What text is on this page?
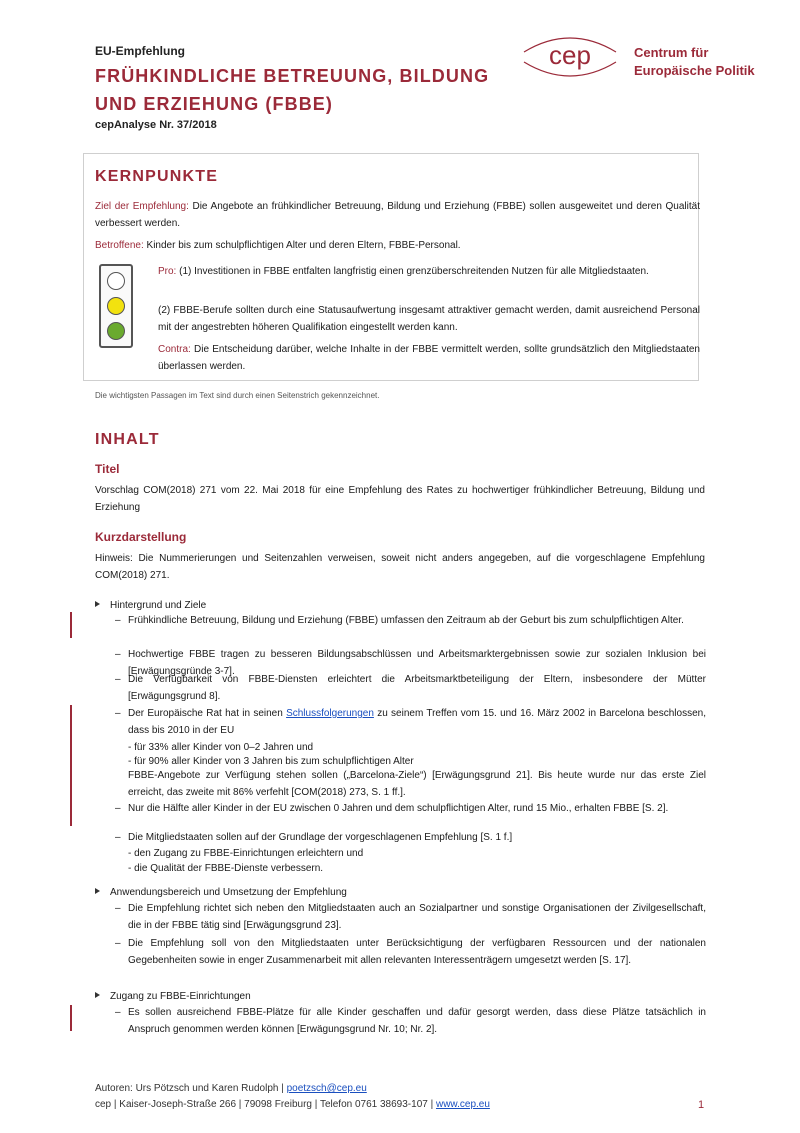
EU-Empfehlung
FRÜHKINDLICHE BETREUUNG, BILDUNG
UND ERZIEHUNG (FBBE)
cepAnalyse Nr. 37/2018
cep	Centrum für
Europäische Politik
KERNPUNKTE
Ziel der Empfehlung: Die Angebote an frühkindlicher Betreuung, Bildung und Erziehung (FBBE) sollen ausgeweitet und deren Qualität verbessert werden.
Betroffene: Kinder bis zum schulpflichtigen Alter und deren Eltern, FBBE-Personal.
Pro: (1) Investitionen in FBBE entfalten langfristig einen grenzüberschreitenden Nutzen für alle Mitgliedstaaten.
(2) FBBE-Berufe sollten durch eine Statusaufwertung insgesamt attraktiver gemacht werden, damit ausreichend Personal mit der angestrebten höheren Qualifikation eingestellt werden kann.
Contra: Die Entscheidung darüber, welche Inhalte in der FBBE vermittelt werden, sollte grundsätzlich den Mitgliedstaaten überlassen werden.
Die wichtigsten Passagen im Text sind durch einen Seitenstrich gekennzeichnet.
INHALT
Titel
Vorschlag COM(2018) 271 vom 22. Mai 2018 für eine Empfehlung des Rates zu hochwertiger frühkindlicher Betreuung, Bildung und Erziehung
Kurzdarstellung
Hinweis: Die Nummerierungen und Seitenzahlen verweisen, soweit nicht anders angegeben, auf die vorgeschlagene Empfehlung COM(2018) 271.
Hintergrund und Ziele
– Frühkindliche Betreuung, Bildung und Erziehung (FBBE) umfassen den Zeitraum ab der Geburt bis zum schulpflichtigen Alter.
– Hochwertige FBBE tragen zu besseren Bildungsabschlüssen und Arbeitsmarktergebnissen sowie zur sozialen Inklusion bei [Erwägungsgründe 3-7].
– Die Verfügbarkeit von FBBE-Diensten erleichtert die Arbeitsmarktbeteiligung der Eltern, insbesondere der Mütter [Erwägungsgrund 8].
– Der Europäische Rat hat in seinen Schlussfolgerungen zu seinem Treffen vom 15. und 16. März 2002 in Barcelona beschlossen, dass bis 2010 in der EU
- für 33% aller Kinder von 0–2 Jahren und
- für 90% aller Kinder von 3 Jahren bis zum schulpflichtigen Alter
FBBE-Angebote zur Verfügung stehen sollen („Barcelona-Ziele“) [Erwägungsgrund 21]. Bis heute wurde nur das erste Ziel erreicht, das zweite mit 86% verfehlt [COM(2018) 273, S. 1 ff.].
– Nur die Hälfte aller Kinder in der EU zwischen 0 Jahren und dem schulpflichtigen Alter, rund 15 Mio., erhalten FBBE [S. 2].
– Die Mitgliedstaaten sollen auf der Grundlage der vorgeschlagenen Empfehlung [S. 1 f.]
- den Zugang zu FBBE-Einrichtungen erleichtern und
- die Qualität der FBBE-Dienste verbessern.
Anwendungsbereich und Umsetzung der Empfehlung
– Die Empfehlung richtet sich neben den Mitgliedstaaten auch an Sozialpartner und sonstige Organisationen der Zivilgesellschaft, die in der FBBE tätig sind [Erwägungsgrund 23].
– Die Empfehlung soll von den Mitgliedstaaten unter Berücksichtigung der verfügbaren Ressourcen und der nationalen Gegebenheiten sowie in enger Zusammenarbeit mit allen relevanten Interessenträgern umgesetzt werden [S. 17].
Zugang zu FBBE-Einrichtungen
– Es sollen ausreichend FBBE-Plätze für alle Kinder geschaffen und dafür gesorgt werden, dass diese Plätze tatsächlich in Anspruch genommen werden können [Erwägungsgrund Nr. 10; Nr. 2].
Autoren: Urs Pötzsch und Karen Rudolph | poetzsch@cep.eu
cep | Kaiser-Joseph-Straße 266 | 79098 Freiburg | Telefon 0761 38693-107 | www.cep.eu	1
